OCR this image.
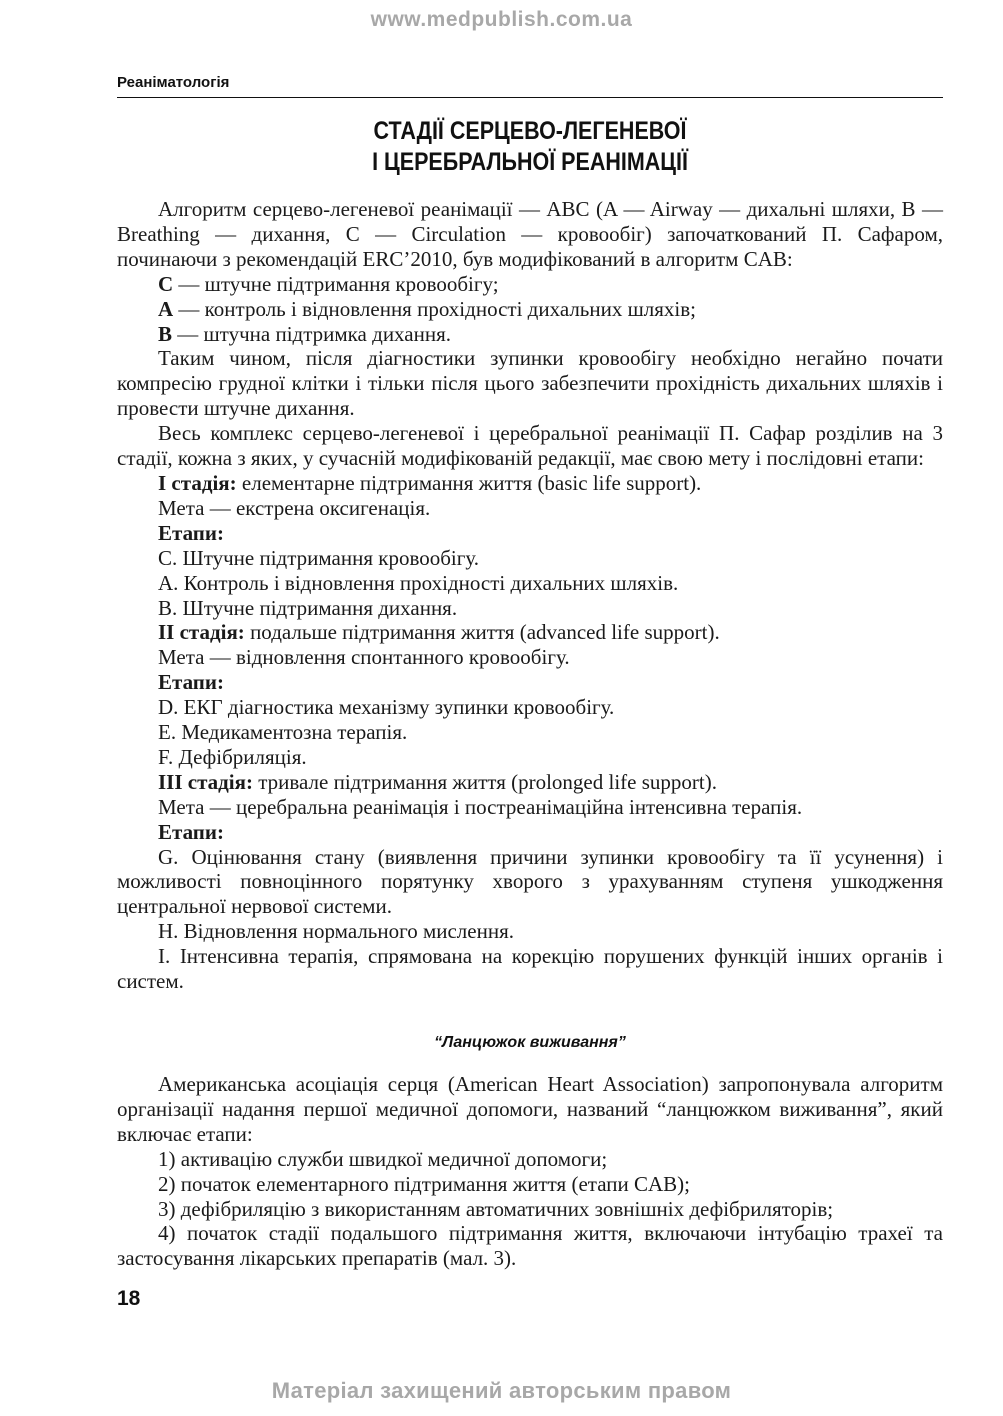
www.medpublish.com.ua
Реаніматологія
СТАДІЇ СЕРЦЕВО-ЛЕГЕНЕВОЇ
І ЦЕРЕБРАЛЬНОЇ РЕАНІМАЦІЇ

Алгоритм серцево-легеневої реанімації — ABC (A — Airway — дихальні шляхи, B — Breathing — дихання, C — Circulation — кровообіг) започаткований П. Сафаром, починаючи з рекомендацій ERC’2010, був модифікований в алгоритм CAB:

C — штучне підтримання кровообігу;

A — контроль і відновлення прохідності дихальних шляхів;

B — штучна підтримка дихання.

Таким чином, після діагностики зупинки кровообігу необхідно негайно почати компресію грудної клітки і тільки після цього забезпечити прохідність дихальних шляхів і провести штучне дихання.

Весь комплекс серцево-легеневої і церебральної реанімації П. Сафар розділив на 3 стадії, кожна з яких, у сучасній модифікованій редакції, має свою мету і послідовні етапи:

І стадія: елементарне підтримання життя (basic life support).

Мета — екстрена оксигенація.

Етапи:

С. Штучне підтримання кровообігу.

А. Контроль і відновлення прохідності дихальних шляхів.

В. Штучне підтримання дихання.

ІІ стадія: подальше підтримання життя (advanced life support).

Мета — відновлення спонтанного кровообігу.

Етапи:

D. ЕКГ діагностика механізму зупинки кровообігу.

Е. Медикаментозна терапія.

F. Дефібриляція.

ІІІ стадія: тривале підтримання життя (prolonged life support).

Мета — церебральна реанімація і постреанімаційна інтенсивна терапія.

Етапи:

G. Оцінювання стану (виявлення причини зупинки кровообігу та її усунення) і можливості повноцінного порятунку хворого з урахуванням ступеня ушкодження центральної нервової системи.

H. Відновлення нормального мислення.

I. Інтенсивна терапія, спрямована на корекцію порушених функцій інших органів і систем.

“Ланцюжок виживання”

Американська асоціація серця (American Heart Association) запропонувала алгоритм організації надання першої медичної допомоги, названий “ланцюжком виживання”, який включає етапи:

1) активацію служби швидкої медичної допомоги;

2) початок елементарного підтримання життя (етапи CAB);

3) дефібриляцію з використанням автоматичних зовнішніх дефібриляторів;

4) початок стадії подальшого підтримання життя, включаючи інтубацію трахеї та застосування лікарських препаратів (мал. 3).

18
Матеріал захищений авторським правом
